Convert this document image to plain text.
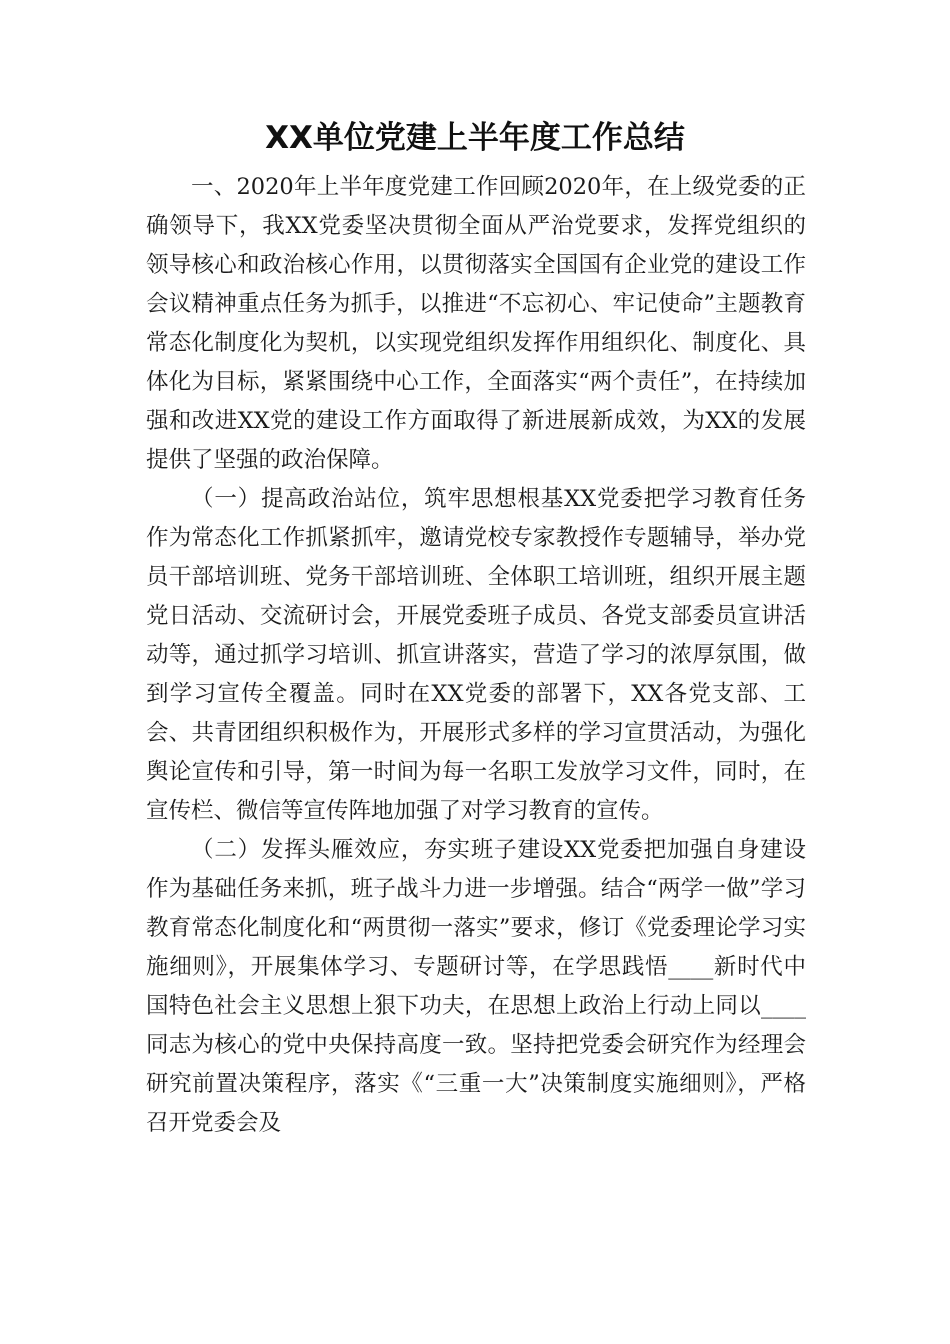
XX单位党建上半年度工作总结

一、2020年上半年度党建工作回顾2020年，在上级党委的正确领导下，我XX党委坚决贯彻全面从严治党要求，发挥党组织的领导核心和政治核心作用，以贯彻落实全国国有企业党的建设工作会议精神重点任务为抓手，以推进“不忘初心、牢记使命”主题教育常态化制度化为契机，以实现党组织发挥作用组织化、制度化、具体化为目标，紧紧围绕中心工作，全面落实“两个责任”，在持续加强和改进XX党的建设工作方面取得了新进展新成效，为XX的发展提供了坚强的政治保障。

（一）提高政治站位，筑牢思想根基XX党委把学习教育任务作为常态化工作抓紧抓牢，邀请党校专家教授作专题辅导，举办党员干部培训班、党务干部培训班、全体职工培训班，组织开展主题党日活动、交流研讨会，开展党委班子成员、各党支部委员宣讲活动等，通过抓学习培训、抓宣讲落实，营造了学习的浓厚氛围，做到学习宣传全覆盖。同时在XX党委的部署下，XX各党支部、工会、共青团组织积极作为，开展形式多样的学习宣贯活动，为强化舆论宣传和引导，第一时间为每一名职工发放学习文件，同时，在宣传栏、微信等宣传阵地加强了对学习教育的宣传。

（二）发挥头雁效应，夯实班子建设XX党委把加强自身建设作为基础任务来抓，班子战斗力进一步增强。结合“两学一做”学习教育常态化制度化和“两贯彻一落实”要求，修订《党委理论学习实施细则》，开展集体学习、专题研讨等，在学思践悟____新时代中国特色社会主义思想上狠下功夫，在思想上政治上行动上同以____同志为核心的党中央保持高度一致。坚持把党委会研究作为经理会研究前置决策程序，落实《“三重一大”决策制度实施细则》，严格召开党委会及
